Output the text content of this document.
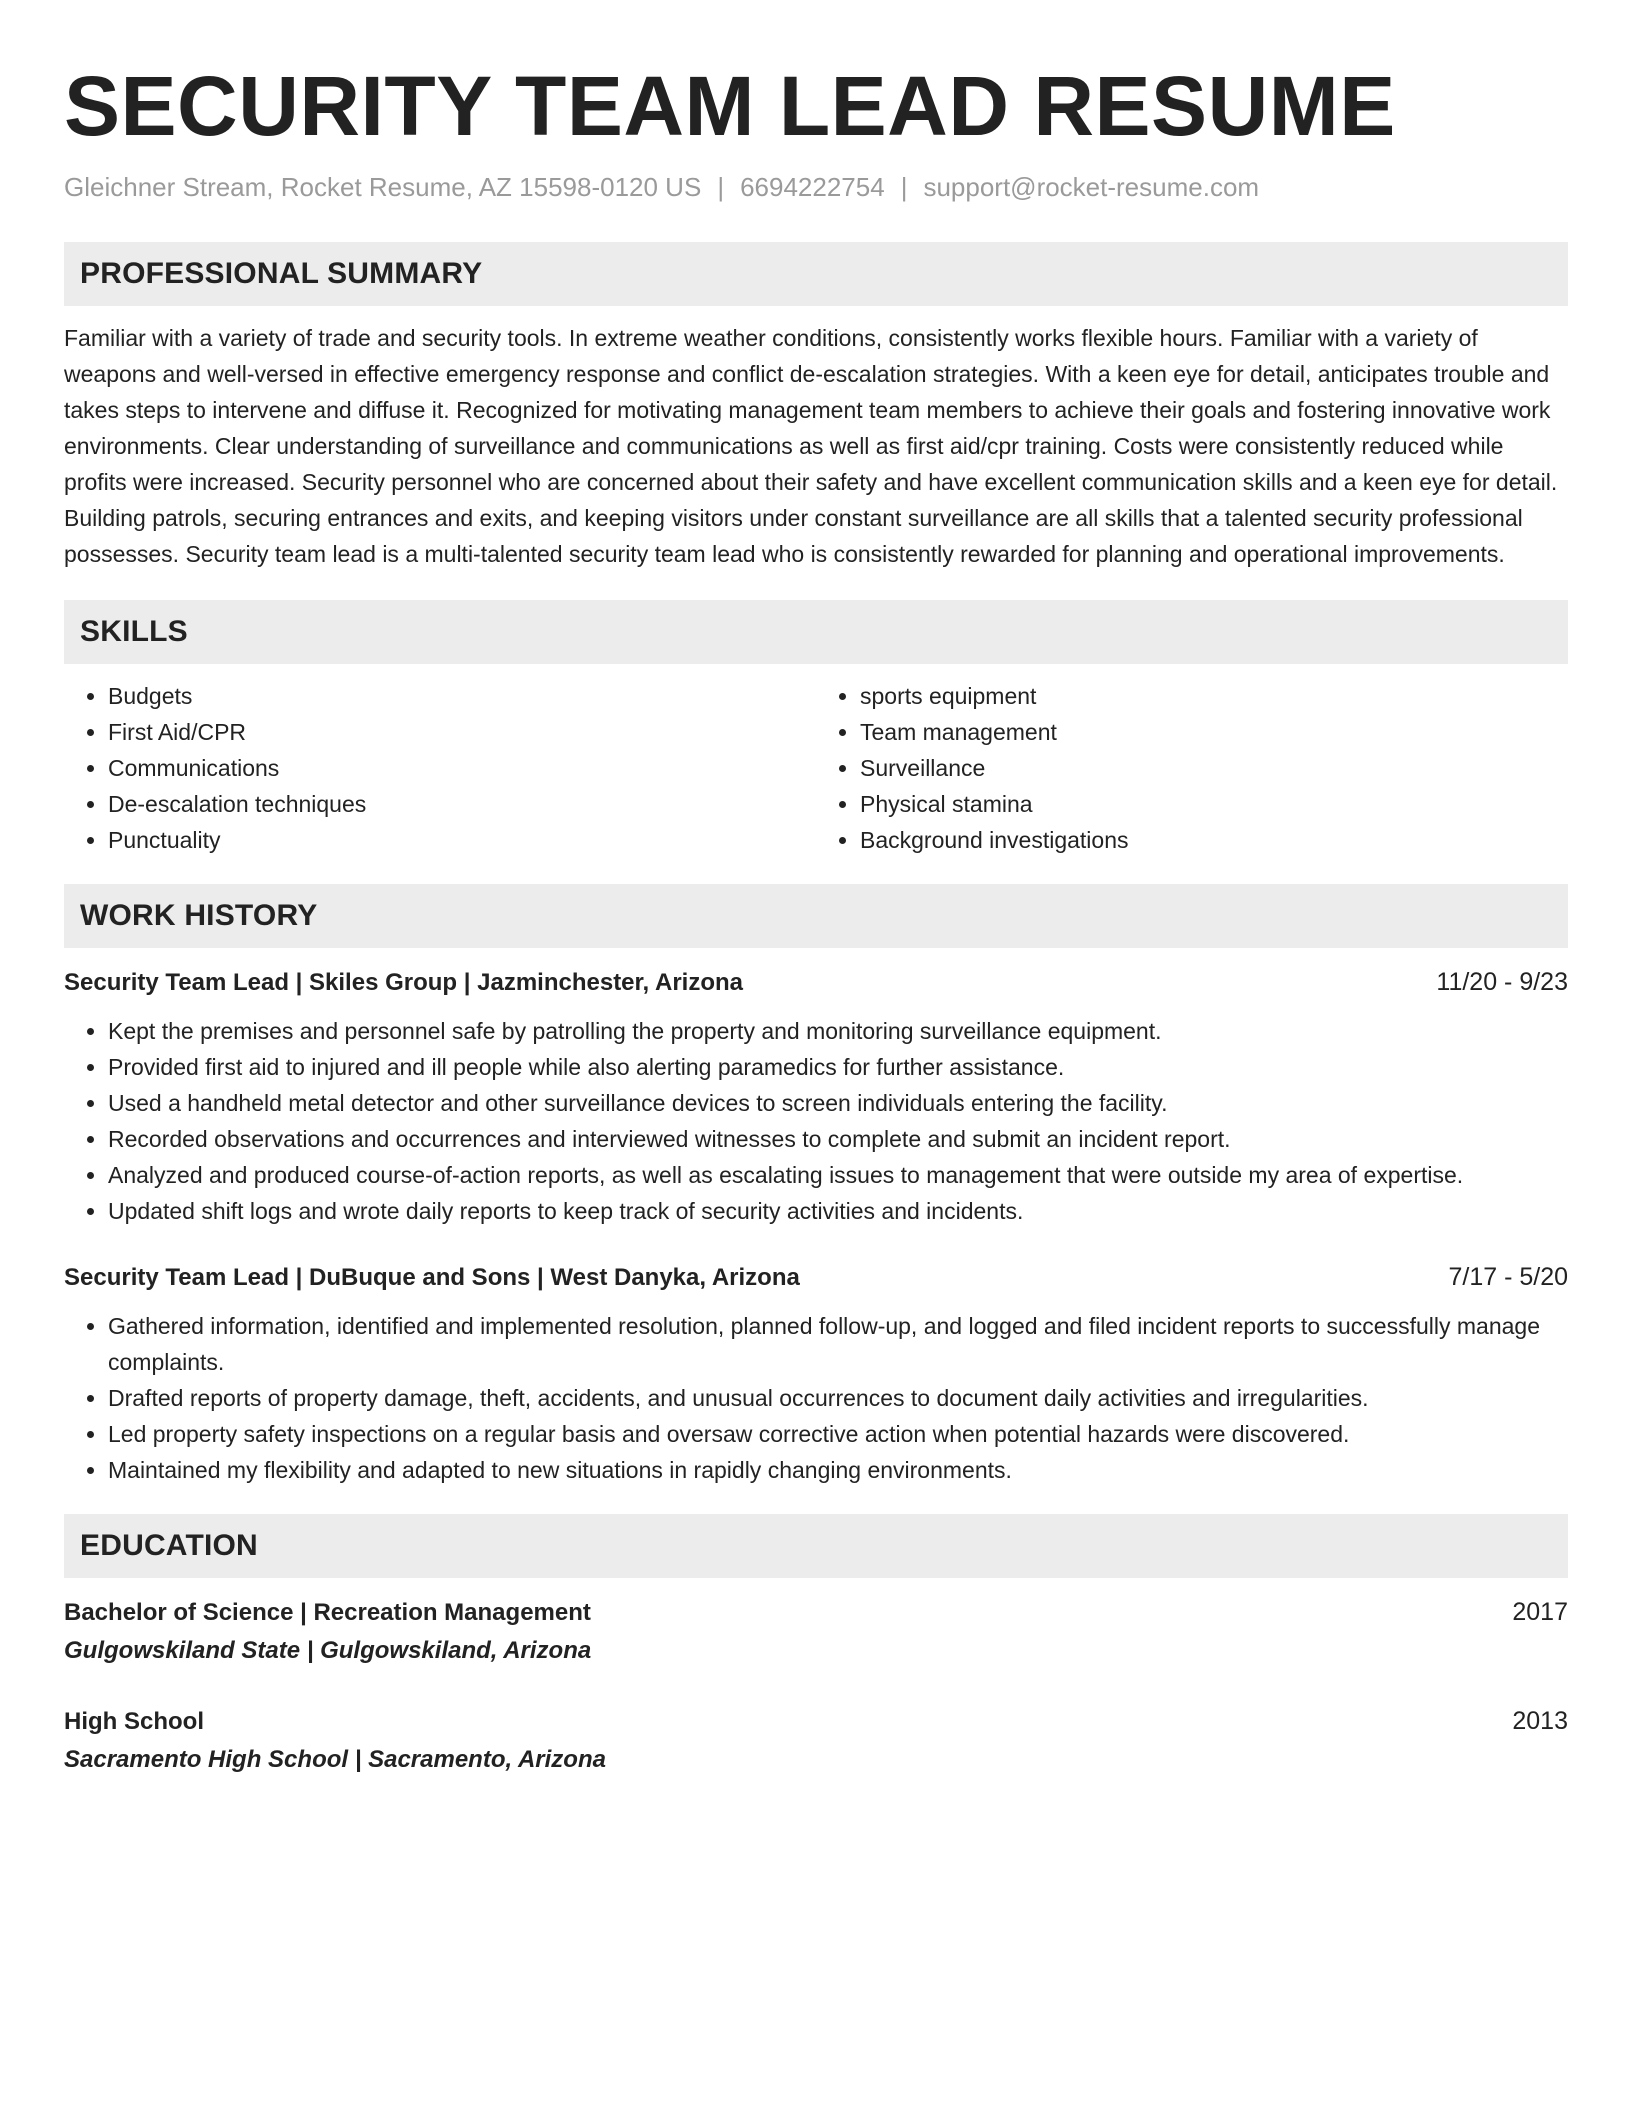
SECURITY TEAM LEAD RESUME
Gleichner Stream, Rocket Resume, AZ 15598-0120 US | 6694222754 | support@rocket-resume.com
PROFESSIONAL SUMMARY
Familiar with a variety of trade and security tools. In extreme weather conditions, consistently works flexible hours. Familiar with a variety of weapons and well-versed in effective emergency response and conflict de-escalation strategies. With a keen eye for detail, anticipates trouble and takes steps to intervene and diffuse it. Recognized for motivating management team members to achieve their goals and fostering innovative work environments. Clear understanding of surveillance and communications as well as first aid/cpr training. Costs were consistently reduced while profits were increased. Security personnel who are concerned about their safety and have excellent communication skills and a keen eye for detail. Building patrols, securing entrances and exits, and keeping visitors under constant surveillance are all skills that a talented security professional possesses. Security team lead is a multi-talented security team lead who is consistently rewarded for planning and operational improvements.
SKILLS
• Budgets
• First Aid/CPR
• Communications
• De-escalation techniques
• Punctuality
• sports equipment
• Team management
• Surveillance
• Physical stamina
• Background investigations
WORK HISTORY
Security Team Lead | Skiles Group | Jazminchester, Arizona	11/20 - 9/23
• Kept the premises and personnel safe by patrolling the property and monitoring surveillance equipment.
• Provided first aid to injured and ill people while also alerting paramedics for further assistance.
• Used a handheld metal detector and other surveillance devices to screen individuals entering the facility.
• Recorded observations and occurrences and interviewed witnesses to complete and submit an incident report.
• Analyzed and produced course-of-action reports, as well as escalating issues to management that were outside my area of expertise.
• Updated shift logs and wrote daily reports to keep track of security activities and incidents.
Security Team Lead | DuBuque and Sons | West Danyka, Arizona	7/17 - 5/20
• Gathered information, identified and implemented resolution, planned follow-up, and logged and filed incident reports to successfully manage complaints.
• Drafted reports of property damage, theft, accidents, and unusual occurrences to document daily activities and irregularities.
• Led property safety inspections on a regular basis and oversaw corrective action when potential hazards were discovered.
• Maintained my flexibility and adapted to new situations in rapidly changing environments.
EDUCATION
Bachelor of Science | Recreation Management	2017
Gulgowskiland State | Gulgowskiland, Arizona
High School	2013
Sacramento High School | Sacramento, Arizona
